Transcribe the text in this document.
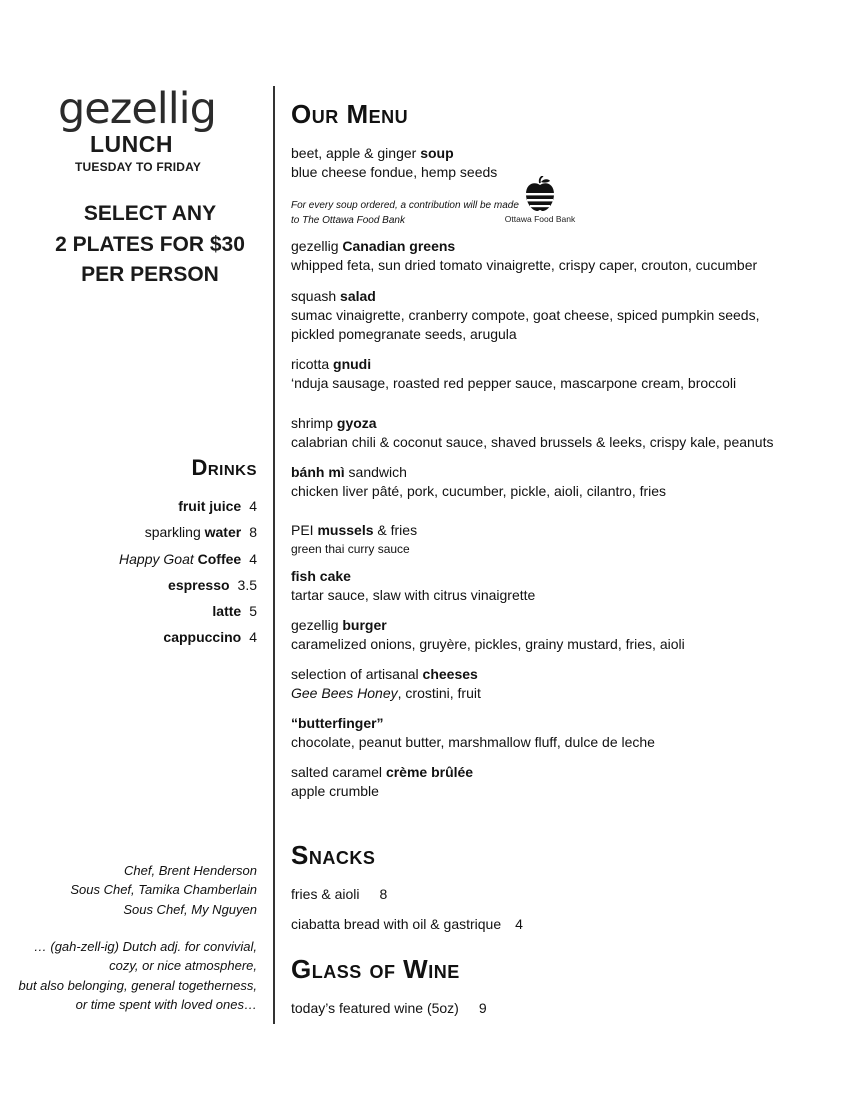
gezellig
LUNCH
TUESDAY TO FRIDAY
SELECT ANY
2 PLATES FOR $30
PER PERSON
Drinks
fruit juice 4
sparkling water 8
Happy Goat Coffee 4
espresso 3.5
latte 5
cappuccino 4
Chef, Brent Henderson
Sous Chef, Tamika Chamberlain
Sous Chef, My Nguyen
… (gah-zell-ig) Dutch adj. for convivial,
cozy, or nice atmosphere,
but also belonging, general togetherness,
or time spent with loved ones…
Our Menu
beet, apple & ginger soup
blue cheese fondue, hemp seeds
For every soup ordered, a contribution will be made to The Ottawa Food Bank	Ottawa Food Bank
gezellig Canadian greens
whipped feta, sun dried tomato vinaigrette, crispy caper, crouton, cucumber
squash salad
sumac vinaigrette, cranberry compote, goat cheese, spiced pumpkin seeds,
pickled pomegranate seeds, arugula
ricotta gnudi
‘nduja sausage, roasted red pepper sauce, mascarpone cream, broccoli
shrimp gyoza
calabrian chili & coconut sauce, shaved brussels & leeks, crispy kale, peanuts
bánh mì sandwich
chicken liver pâté, pork, cucumber, pickle, aioli, cilantro, fries
PEI mussels & fries
green thai curry sauce
fish cake
tartar sauce, slaw with citrus vinaigrette
gezellig burger
caramelized onions, gruyère, pickles, grainy mustard, fries, aioli
selection of artisanal cheeses
Gee Bees Honey, crostini, fruit
“butterfinger”
chocolate, peanut butter, marshmallow fluff, dulce de leche
salted caramel crème brûlée
apple crumble
Snacks
fries & aioli 8
ciabatta bread with oil & gastrique 4
Glass of Wine
today’s featured wine (5oz) 9
